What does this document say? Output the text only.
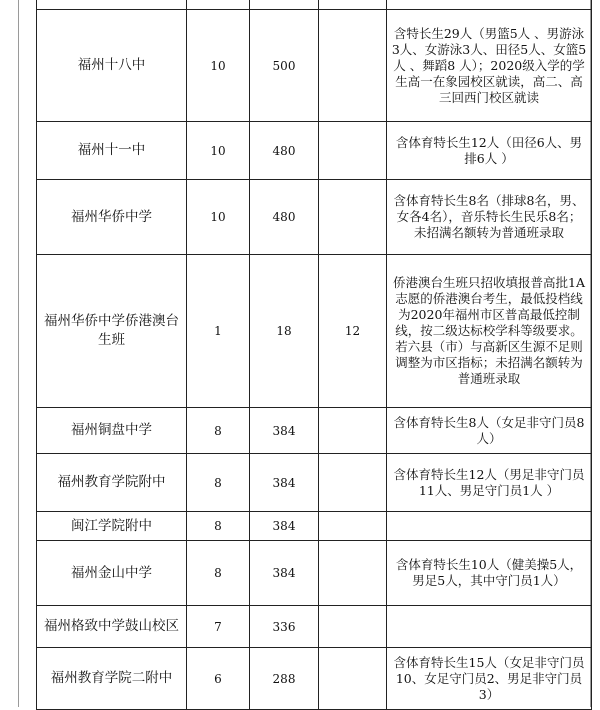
福州十八中	10	500		含特长生29人（男篮5人 、男游泳3人、女游泳3人、田径5人、女篮5人 、舞蹈8 人）；2020级入学的学生高一在象园校区就读，高二、高三回西门校区就读
福州十一中	10	480		含体育特长生12人（田径6人、男排6人 ）
福州华侨中学	10	480		含体育特长生8名（排球8名，男、女各4名），音乐特长生民乐8名；未招满名额转为普通班录取
福州华侨中学侨港澳台生班	1	18	12	侨港澳台生班只招收填报普高批1A志愿的侨港澳台考生，最低投档线为2020年福州市区普高最低控制线，按二级达标校学科等级要求。若六县（市）与高新区生源不足则调整为市区指标；未招满名额转为普通班录取
福州铜盘中学	8	384		含体育特长生8人（女足非守门员8人）
福州教育学院附中	8	384		含体育特长生12人（男足非守门员11人、男足守门员1人 ）
闽江学院附中	8	384		
福州金山中学	8	384		含体育特长生10人（健美操5人，男足5人，其中守门员1人）
福州格致中学鼓山校区	7	336		
福州教育学院二附中	6	288		含体育特长生15人（女足非守门员10、女足守门员2、男足非守门员3）
